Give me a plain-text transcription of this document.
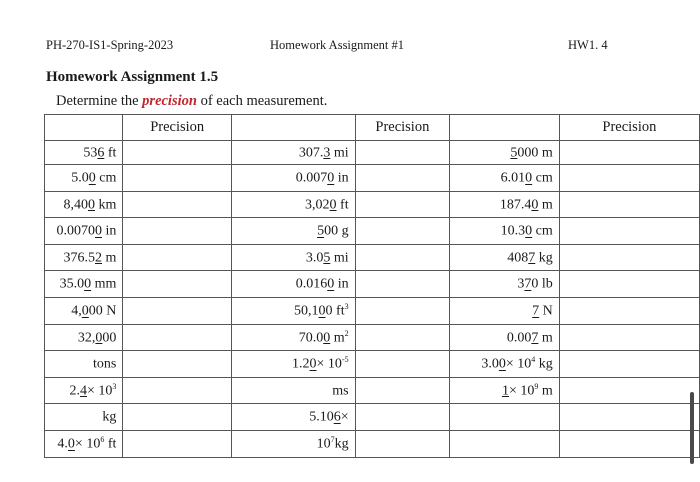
PH-270-IS1-Spring-2023	Homework Assignment #1	HW1. 4
Homework Assignment 1.5
Determine the precision of each measurement.
	Precision		Precision		Precision
536 ft		307.3 mi		5000 m	
5.00 cm		0.0070 in		6.010 cm	
8,400 km		3,020 ft		187.40 m	
0.00700 in		500 g		10.30 cm	
376.52 m		3.05 mi		4087 kg	
35.00 mm		0.0160 in		370 lb	
4,000 N		50,100 $ft^3$		7 N	
32,000		70.00 $m^2$		0.007 m	
tons		$1.20\times 10^{-5}$		$3.00\times 10^4$ kg	
$2.4\times 10^3$		ms		$1\times 10^9$ m	
kg		5.106×			
$4.0\times 10^6$ ft		$10^7kg$			
